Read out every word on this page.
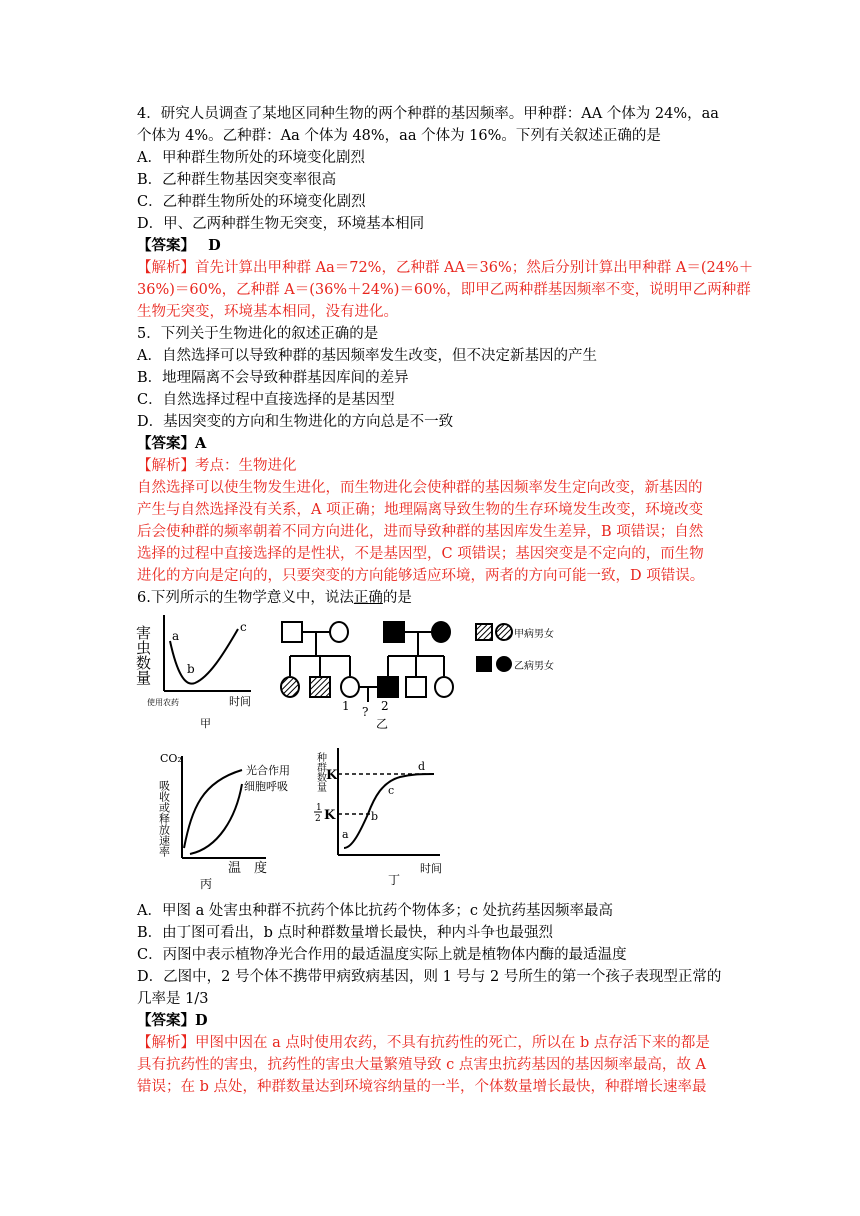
4．研究人员调查了某地区同种生物的两个种群的基因频率。甲种群：AA 个体为 24%，aa
个体为 4%。乙种群：Aa 个体为 48%，aa 个体为 16%。下列有关叙述正确的是
A．甲种群生物所处的环境变化剧烈
B．乙种群生物基因突变率很高
C．乙种群生物所处的环境变化剧烈
D．甲、乙两种群生物无突变，环境基本相同
【答案】 D
【解析】首先计算出甲种群 Aa＝72%，乙种群 AA＝36%；然后分别计算出甲种群 A＝(24%＋
36%)＝60%，乙种群 A＝(36%＋24%)＝60%，即甲乙两种群基因频率不变，说明甲乙两种群
生物无突变，环境基本相同，没有进化。
5．下列关于生物进化的叙述正确的是
A．自然选择可以导致种群的基因频率发生改变，但不决定新基因的产生
B．地理隔离不会导致种群基因库间的差异
C．自然选择过程中直接选择的是基因型
D．基因突变的方向和生物进化的方向总是不一致
【答案】A
【解析】考点：生物进化
自然选择可以使生物发生进化，而生物进化会使种群的基因频率发生定向改变，新基因的
产生与自然选择没有关系，A 项正确；地理隔离导致生物的生存环境发生改变，环境改变
后会使种群的频率朝着不同方向进化，进而导致种群的基因库发生差异，B 项错误；自然
选择的过程中直接选择的是性状，不是基因型，C 项错误；基因突变是不定向的，而生物
进化的方向是定向的，只要突变的方向能够适应环境，两者的方向可能一致，D 项错误。
6.下列所示的生物学意义中，说法正确的是
害虫数量 a
b
c
使用农药	时间
甲
1	2
?
乙
甲病男女
乙病男女
CO₂
吸收或释放速率
光合作用
细胞呼吸
温　度
丙
种群数量 K
1
2 K
a
b
c
d
时间
丁
A．甲图 a 处害虫种群不抗药个体比抗药个物体多；c 处抗药基因频率最高
B．由丁图可看出，b 点时种群数量增长最快，种内斗争也最强烈
C．丙图中表示植物净光合作用的最适温度实际上就是植物体内酶的最适温度
D．乙图中，2 号个体不携带甲病致病基因，则 1 号与 2 号所生的第一个孩子表现型正常的
几率是 1/3
【答案】D
【解析】甲图中因在 a 点时使用农药，不具有抗药性的死亡，所以在 b 点存活下来的都是
具有抗药性的害虫，抗药性的害虫大量繁殖导致 c 点害虫抗药基因的基因频率最高，故 A
错误；在 b 点处，种群数量达到环境容纳量的一半，个体数量增长最快，种群增长速率最
